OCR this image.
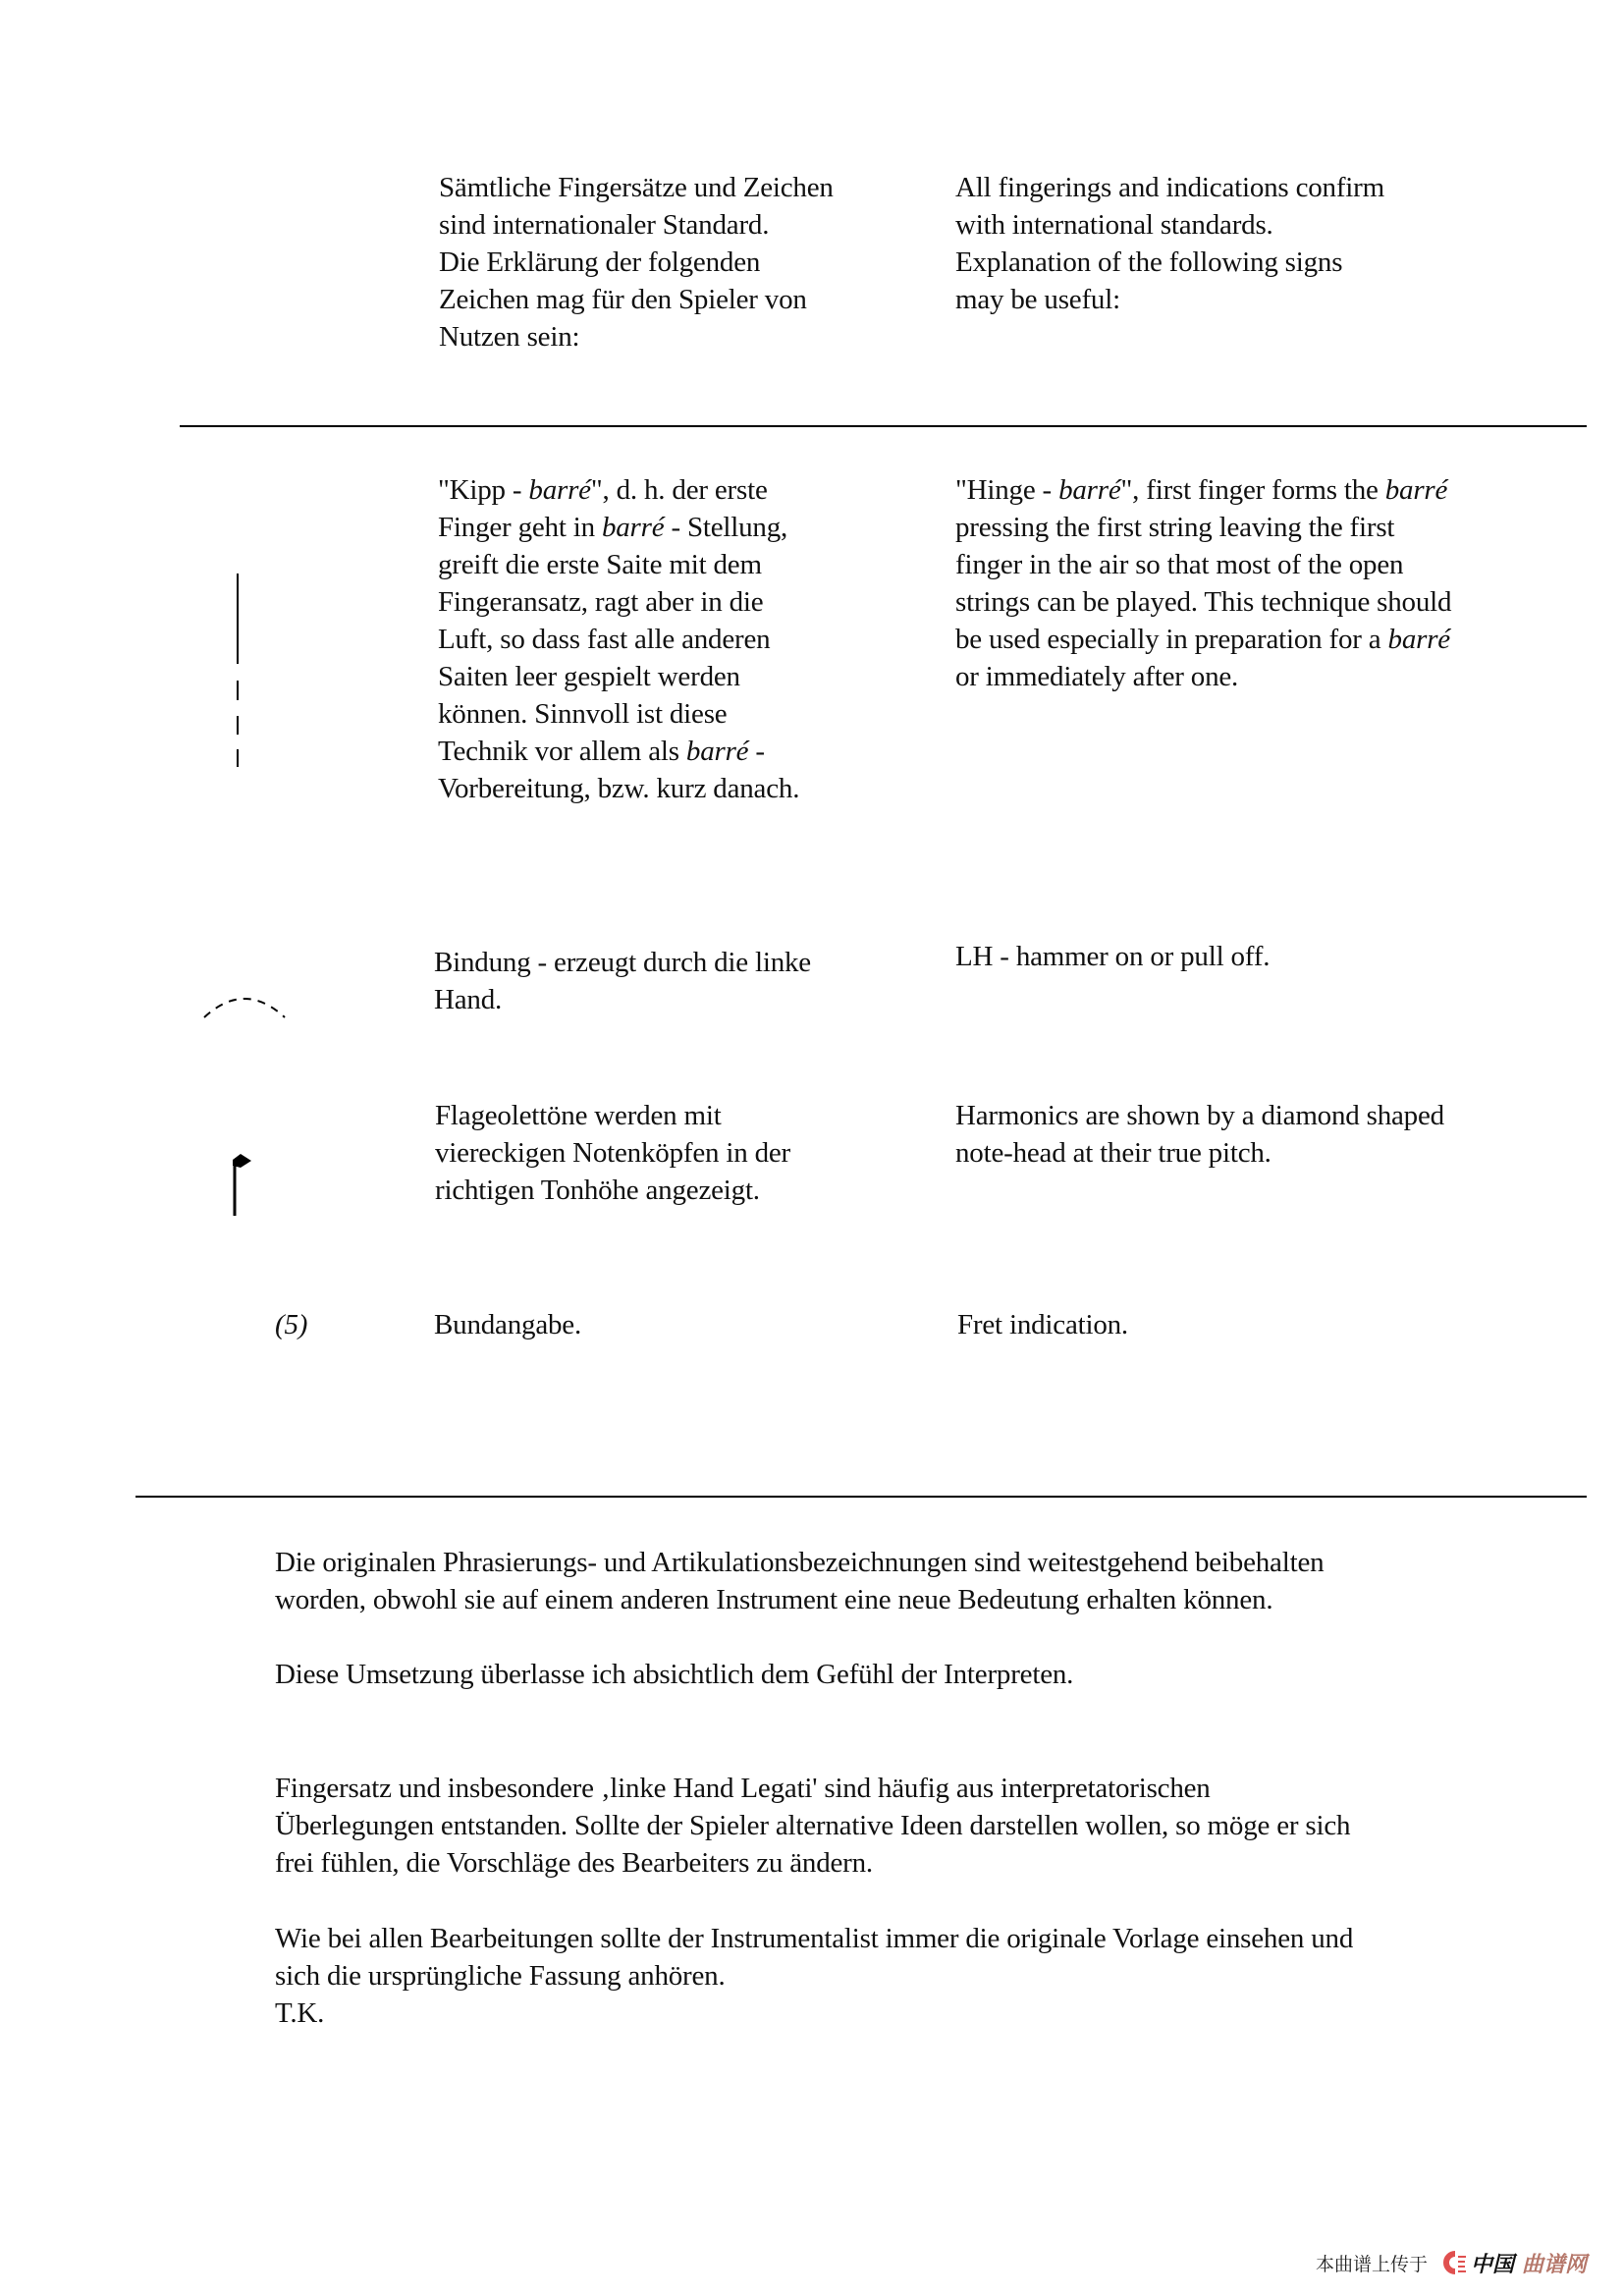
Sämtliche Fingersätze und Zeichen
sind internationaler Standard.
Die Erklärung der folgenden
Zeichen mag für den Spieler von
Nutzen sein:
All fingerings and indications confirm
with international standards.
Explanation of the following signs
may be useful:
"Kipp - barré", d. h. der erste
Finger geht in barré - Stellung,
greift die erste Saite mit dem
Fingeransatz, ragt aber in die
Luft, so dass fast alle anderen
Saiten leer gespielt werden
können. Sinnvoll ist diese
Technik vor allem als barré -
Vorbereitung, bzw. kurz danach.
"Hinge - barré", first finger forms the barré
pressing the first string leaving the first
finger in the air so that most of the open
strings can be played. This technique should
be used especially in preparation for a barré
or immediately after one.
Bindung - erzeugt durch die linke
Hand.
LH - hammer on or pull off.
Flageolettöne werden mit
viereckigen Notenköpfen in der
richtigen Tonhöhe angezeigt.
Harmonics are shown by a diamond shaped
note-head at their true pitch.
(5)	Bundangabe.	Fret indication.
Die originalen Phrasierungs- und Artikulationsbezeichnungen sind weitestgehend beibehalten
worden, obwohl sie auf einem anderen Instrument eine neue Bedeutung erhalten können.
Diese Umsetzung überlasse ich absichtlich dem Gefühl der Interpreten.
Fingersatz und insbesondere ‚linke Hand Legati' sind häufig aus interpretatorischen
Überlegungen entstanden. Sollte der Spieler alternative Ideen darstellen wollen, so möge er sich
frei fühlen, die Vorschläge des Bearbeiters zu ändern.
Wie bei allen Bearbeitungen sollte der Instrumentalist immer die originale Vorlage einsehen und
sich die ursprüngliche Fassung anhören.
T.K.
本曲谱上传于 中国 曲谱网
